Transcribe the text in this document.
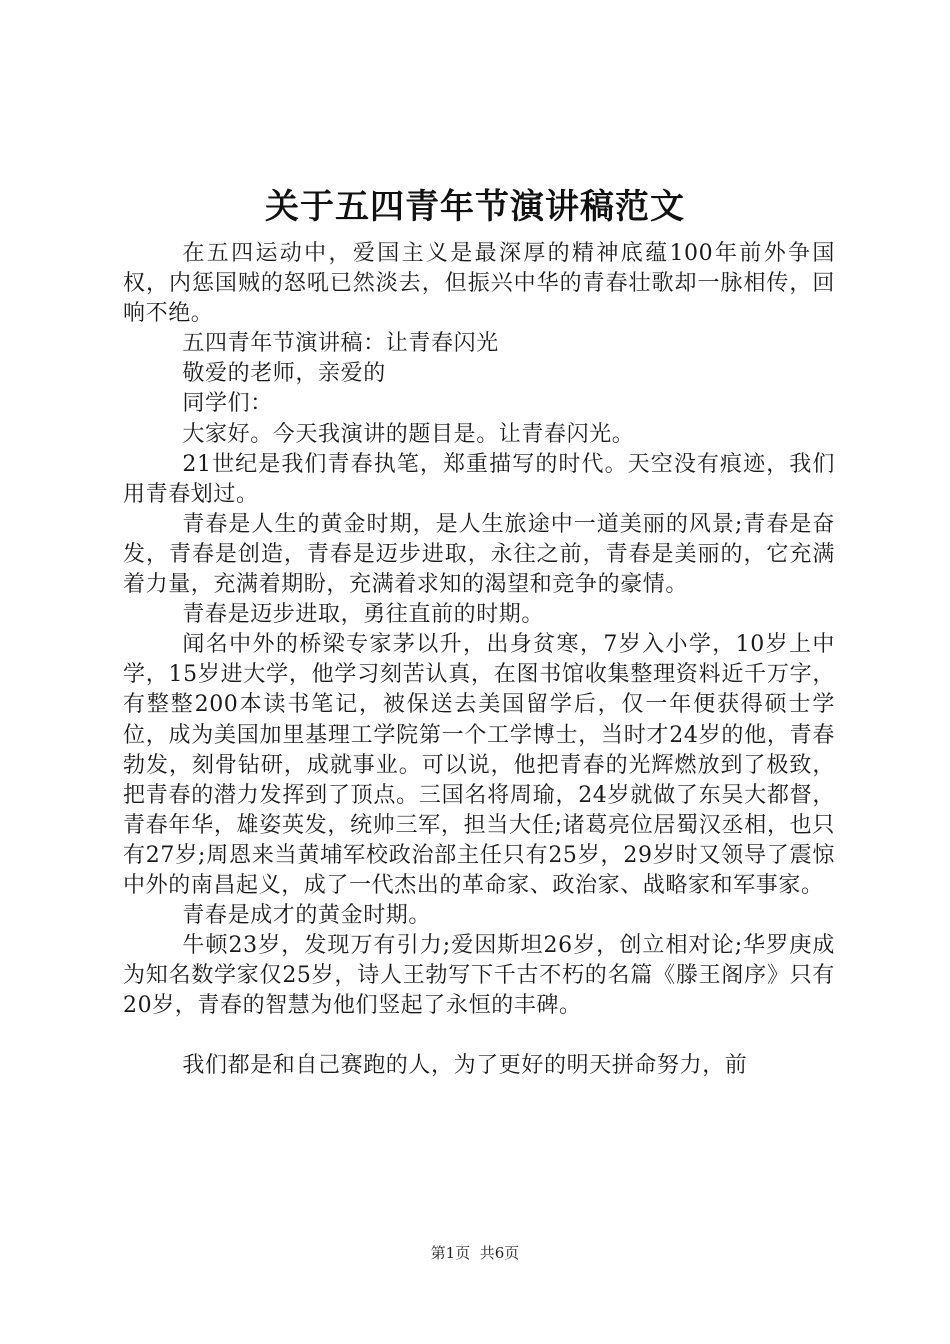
关于五四青年节演讲稿范文

在五四运动中，爱国主义是最深厚的精神底蕴100年前外争国权，内惩国贼的怒吼已然淡去，但振兴中华的青春壮歌却一脉相传，回响不绝。

五四青年节演讲稿：让青春闪光

敬爱的老师，亲爱的

同学们：

大家好。今天我演讲的题目是。让青春闪光。

21世纪是我们青春执笔，郑重描写的时代。天空没有痕迹，我们用青春划过。

青春是人生的黄金时期，是人生旅途中一道美丽的风景;青春是奋发，青春是创造，青春是迈步进取，永往之前，青春是美丽的，它充满着力量，充满着期盼，充满着求知的渴望和竞争的豪情。

青春是迈步进取，勇往直前的时期。

闻名中外的桥梁专家茅以升，出身贫寒，7岁入小学，10岁上中学，15岁进大学，他学习刻苦认真，在图书馆收集整理资料近千万字，有整整200本读书笔记，被保送去美国留学后，仅一年便获得硕士学位，成为美国加里基理工学院第一个工学博士，当时才24岁的他，青春勃发，刻骨钻研，成就事业。可以说，他把青春的光辉燃放到了极致，把青春的潜力发挥到了顶点。三国名将周瑜，24岁就做了东吴大都督，青春年华，雄姿英发，统帅三军，担当大任;诸葛亮位居蜀汉丞相，也只有27岁;周恩来当黄埔军校政治部主任只有25岁，29岁时又领导了震惊中外的南昌起义，成了一代杰出的革命家、政治家、战略家和军事家。

青春是成才的黄金时期。

牛顿23岁，发现万有引力;爱因斯坦26岁，创立相对论;华罗庚成为知名数学家仅25岁，诗人王勃写下千古不朽的名篇《滕王阁序》只有20岁，青春的智慧为他们竖起了永恒的丰碑。

我们都是和自己赛跑的人，为了更好的明天拼命努力，前

第1页 共6页
